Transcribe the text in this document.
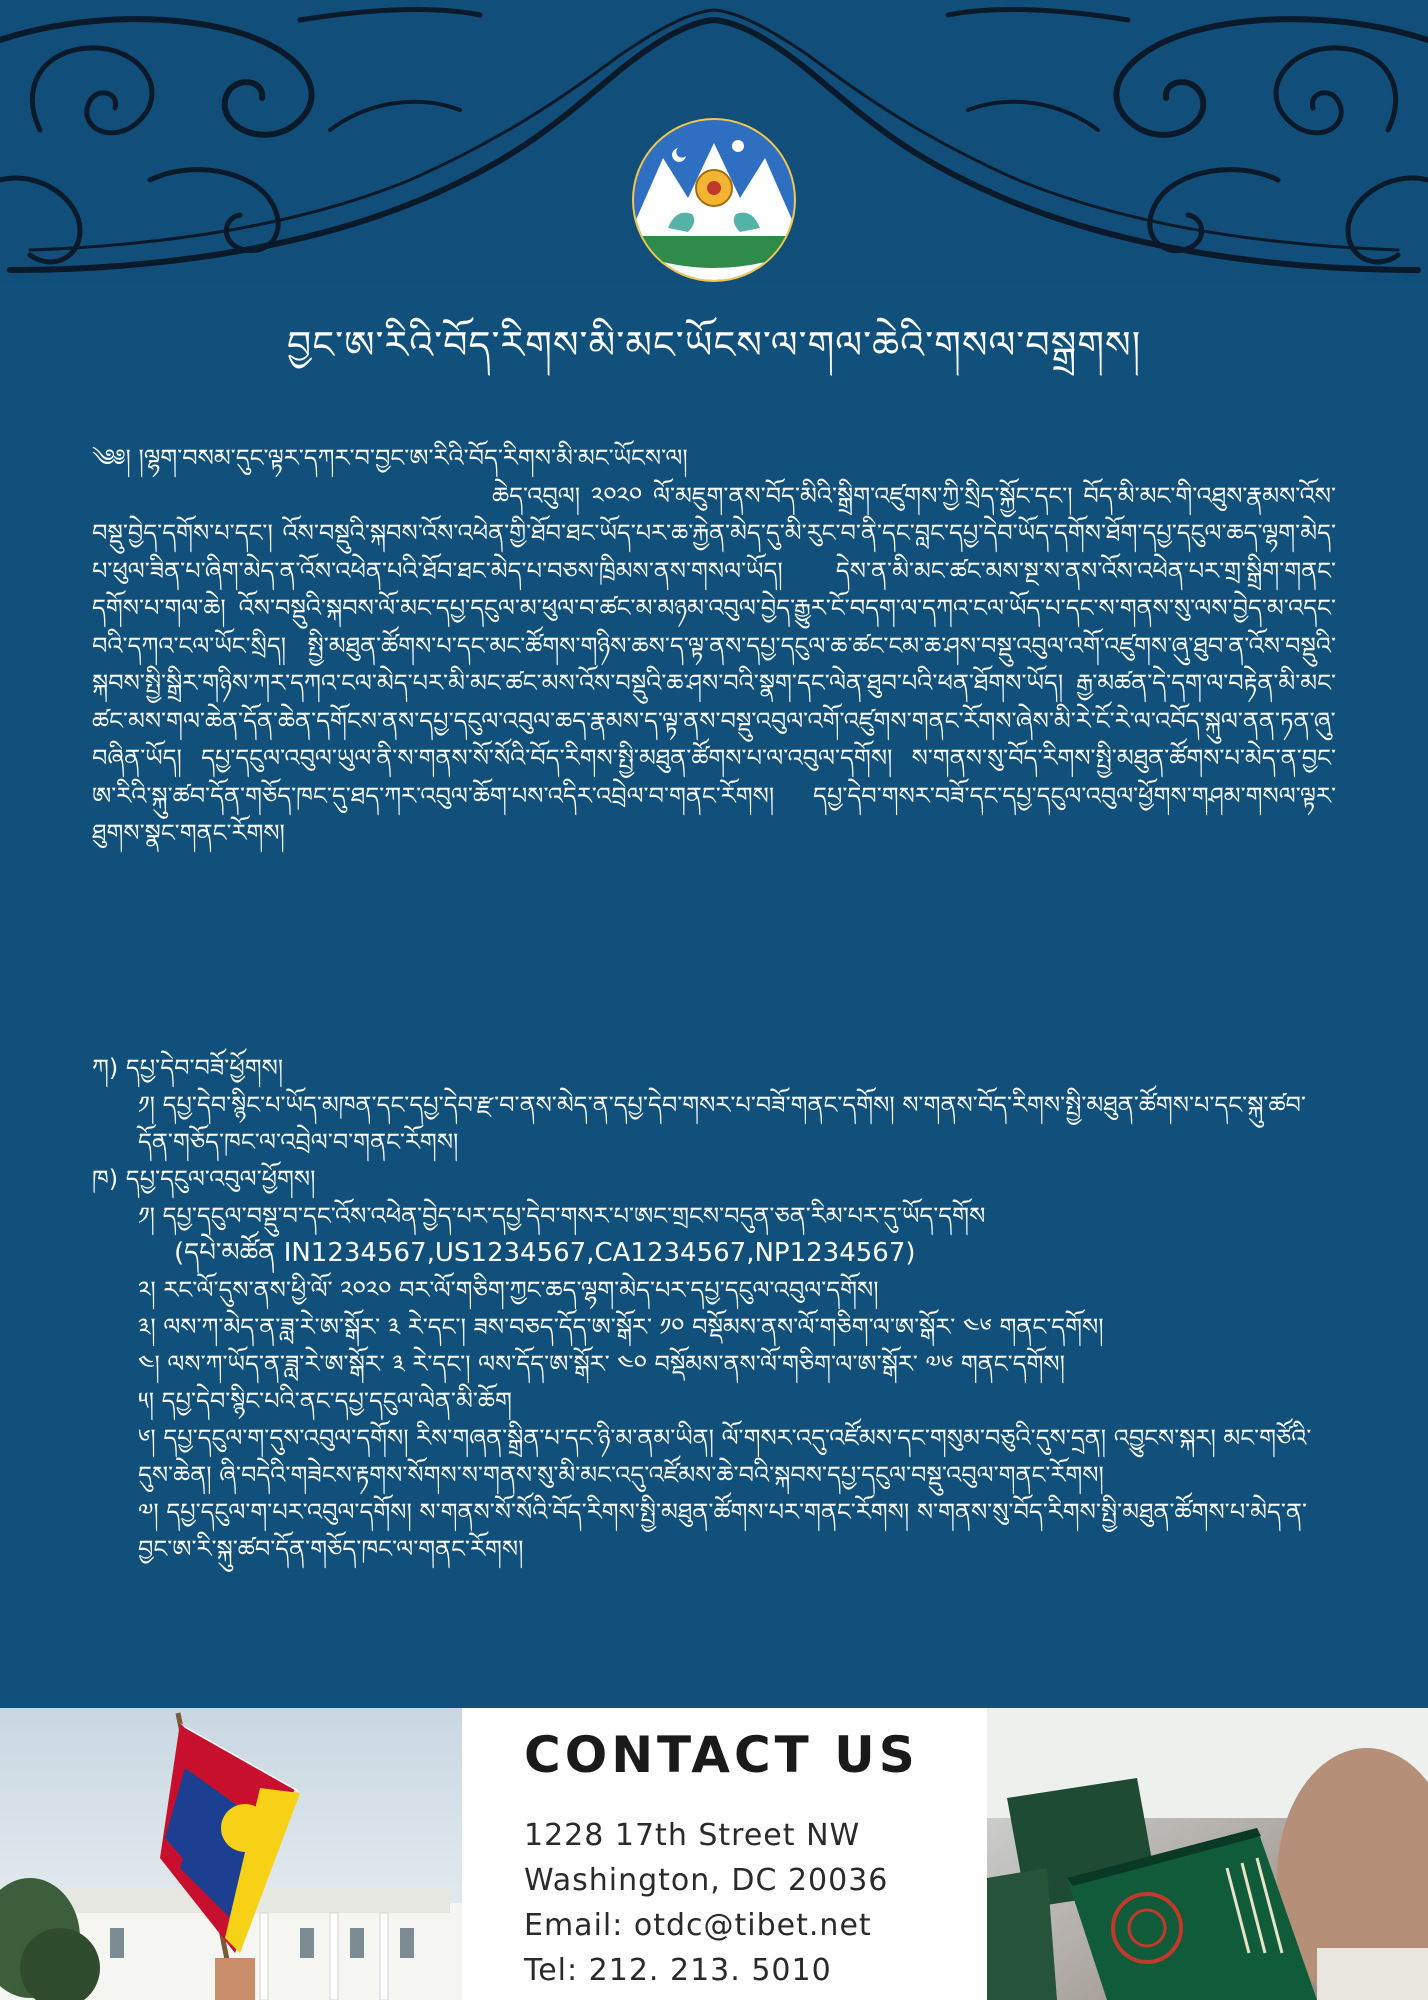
བྱང་ཨ་རིའི་བོད་རིགས་མི་མང་ཡོངས་ལ་གལ་ཆེའི་གསལ་བསྒྲགས།

༄༅། །ལྷག་བསམ་དུང་ལྟར་དཀར་བ་བྱང་ཨ་རིའི་བོད་རིགས་མི་མང་ཡོངས་ལ།

ཆེད་འབུལ། ༢༠༢༠ ལོ་མཇུག་ནས་བོད་མིའི་སྒྲིག་འཛུགས་ཀྱི་སྲིད་སྐྱོང་དང་། བོད་མི་མང་གི་འཐུས་རྣམས་འོས་བསྡུ་བྱེད་དགོས་པ་དང་། འོས་བསྡུའི་སྐབས་འོས་འཕེན་གྱི་ཐོབ་ཐང་ཡོད་པར་ཆ་རྐྱེན་མེད་དུ་མི་རུང་བ་ནི་དང་བླང་དཔྱ་དེབ་ཡོད་དགོས་ཐོག་དཔྱ་དངུལ་ཆད་ལྷག་མེད་པ་ཕུལ་ཟིན་པ་ཞིག་མེད་ན་འོས་འཕེན་པའི་ཐོབ་ཐང་མེད་པ་བཅས་ཁྲིམས་ནས་གསལ་ཡོད། དེས་ན་མི་མང་ཚང་མས་སྔ་ས་ནས་འོས་འཕེན་པར་གྲ་སྒྲིག་གནང་དགོས་པ་གལ་ཆེ། འོས་བསྡུའི་སྐབས་ལོ་མང་དཔྱ་དངུལ་མ་ཕུལ་བ་ཚང་མ་མཉམ་འབུལ་བྱེད་རྒྱུར་ངོ་བདག་ལ་དཀའ་ངལ་ཡོད་པ་དང་ས་གནས་སུ་ལས་བྱེད་མ་འདང་བའི་དཀའ་ངལ་ཡོང་སྲིད། སྤྱི་མཐུན་ཚོགས་པ་དང་མང་ཚོགས་གཉིས་ཆས་ད་ལྟ་ནས་དཔྱ་དངུལ་ཆ་ཚང་ངམ་ཆ་ཤས་བསྡུ་འབུལ་འགོ་འཛུགས་ཞུ་ཐུབ་ན་འོས་བསྡུའི་སྐབས་སྤྱི་སྒྲིར་གཉིས་ཀར་དཀའ་ངལ་མེད་པར་མི་མང་ཚང་མས་འོས་བསྡུའི་ཆ་ཤས་བའི་སྣག་དང་ལེན་ཐུབ་པའི་ཕན་ཐོགས་ཡོད། རྒྱ་མཚན་དེ་དག་ལ་བརྟེན་མི་མང་ཚང་མས་གལ་ཆེན་དོན་ཆེན་དགོངས་ནས་དཔྱ་དངུལ་འབུལ་ཆད་རྣམས་ད་ལྟ་ནས་བསྡུ་འབུལ་འགོ་འཛུགས་གནང་རོགས་ཞེས་མི་རེ་ངོ་རེ་ལ་འབོད་སྐུལ་ནན་ཏན་ཞུ་བཞིན་ཡོད། དཔྱ་དངུལ་འབུལ་ཡུལ་ནི་ས་གནས་སོ་སོའི་བོད་རིགས་སྤྱི་མཐུན་ཚོགས་པ་ལ་འབུལ་དགོས། ས་གནས་སུ་བོད་རིགས་སྤྱི་མཐུན་ཚོགས་པ་མེད་ན་བྱང་ཨ་རིའི་སྐུ་ཚབ་དོན་གཅོད་ཁང་དུ་ཐད་ཀར་འབུལ་ཆོག་པས་འདིར་འབྲེལ་བ་གནང་རོགས། དཔྱ་དེབ་གསར་བཟོ་དང་དཔྱ་དངུལ་འབུལ་ཕྱོགས་གཤམ་གསལ་ལྟར་ཐུགས་སྣང་གནང་རོགས།

ཀ) དཔྱ་དེབ་བཟོ་ཕྱོགས།

༡། དཔྱ་དེབ་སྙིང་པ་ཡོད་མཁན་དང་དཔྱ་དེབ་རྫ་བ་ནས་མེད་ན་དཔྱ་དེབ་གསར་པ་བཟོ་གནང་དགོས། ས་གནས་བོད་རིགས་སྤྱི་མཐུན་ཚོགས་པ་དང་སྐུ་ཚབ་དོན་གཅོད་ཁང་ལ་འབྲེལ་བ་གནང་རོགས།

ཁ) དཔྱ་དངུལ་འབུལ་ཕྱོགས།

༡། དཔྱ་དངུལ་བསྡུ་བ་དང་འོས་འཕེན་བྱེད་པར་དཔྱ་དེབ་གསར་པ་ཨང་གྲངས་བདུན་ཅན་རིམ་པར་དུ་ཡོད་དགོས

(དཔེ་མཚོན IN1234567,US1234567,CA1234567,NP1234567)

༢། རང་ལོ་དུས་ནས་ཕྱི་ལོ་ ༢༠༢༠ བར་ལོ་གཅིག་ཀྱང་ཆད་ལྷག་མེད་པར་དཔྱ་དངུལ་འབུལ་དགོས།

༣། ལས་ཀ་མེད་ན་ཟླ་རེ་ཨ་སྒོར་ ༣ རེ་དང་། ཟས་བཅད་དོད་ཨ་སྒོར་ ༡༠ བསྡོམས་ནས་ལོ་གཅིག་ལ་ཨ་སྒོར་ ༤༦ གནང་དགོས།

༤། ལས་ཀ་ཡོད་ན་ཟླ་རེ་ཨ་སྒོར་ ༣ རེ་དང་། ལས་དོད་ཨ་སྒོར་ ༤༠ བསྡོམས་ནས་ལོ་གཅིག་ལ་ཨ་སྒོར་ ༧༦ གནང་དགོས།

༥། དཔྱ་དེབ་སྙིང་པའི་ནང་དཔྱ་དངུལ་ལེན་མི་ཆོག

༦། དཔྱ་དངུལ་ག་དུས་འབུལ་དགོས། རིས་གཞན་སྒྲིན་པ་དང་ཉི་མ་ནམ་ཡིན། ལོ་གསར་འདུ་འཛོམས་དང་གསུམ་བཅུའི་དུས་དྲན། འབྱུངས་སྐར། མང་གཙོའི་དུས་ཆེན། ཞི་བདེའི་གཟེངས་རྟགས་སོགས་ས་གནས་སུ་མི་མང་འདུ་འཛོམས་ཆེ་བའི་སྐབས་དཔྱ་དངུལ་བསྡུ་འབུལ་གནང་རོགས།

༧། དཔྱ་དངུལ་ག་པར་འབུལ་དགོས། ས་གནས་སོ་སོའི་བོད་རིགས་སྤྱི་མཐུན་ཚོགས་པར་གནང་རོགས། ས་གནས་སུ་བོད་རིགས་སྤྱི་མཐུན་ཚོགས་པ་མེད་ན་བྱང་ཨ་རི་སྐུ་ཚབ་དོན་གཅོད་ཁང་ལ་གནང་རོགས།

CONTACT US
1228 17th Street NW
Washington, DC 20036
Email: otdc@tibet.net
Tel: 212. 213. 5010
